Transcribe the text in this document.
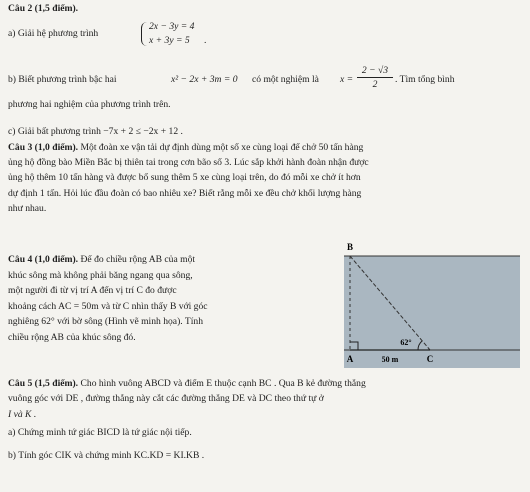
Câu 2 (1,5 điểm).
a) Giải hệ phương trình
2x − 3y = 4
x + 3y = 5 .
b) Biết phương trình bậc hai	x² − 2x + 3m = 0 có một nghiệm là x =
2 − √3
2	. Tìm tổng bình
phương hai nghiệm của phương trình trên.
c) Giải bất phương trình −7x + 2 ≤ −2x + 12 .
Câu 3 (1,0 điểm). Một đoàn xe vận tải dự định dùng một số xe cùng loại để chở 50 tấn hàng
ủng hộ đồng bào Miền Bắc bị thiên tai trong cơn bão số 3. Lúc sắp khởi hành đoàn nhận được
ủng hộ thêm 10 tấn hàng và được bổ sung thêm 5 xe cùng loại trên, do đó mỗi xe chở ít hơn
dự định 1 tấn. Hỏi lúc đầu đoàn có bao nhiêu xe? Biết rằng mỗi xe đều chở khối lượng hàng
như nhau.
Câu 4 (1,0 điểm). Để đo chiều rộng AB của một
khúc sông mà không phải băng ngang qua sông,
một người đi từ vị trí A đến vị trí C đo được
khoảng cách AC = 50m và từ C nhìn thấy B với góc
nghiêng 62° với bờ sông (Hình vẽ minh họa). Tính
chiều rộng AB của khúc sông đó.
B
A	C
50 m
62°
Câu 5 (1,5 điểm). Cho hình vuông ABCD và điểm E thuộc cạnh BC . Qua B kẻ đường thẳng
vuông góc với DE , đường thẳng này cắt các đường thẳng DE và DC theo thứ tự ở
I và K .
a) Chứng minh tứ giác BICD là tứ giác nội tiếp.
b) Tính góc CIK và chứng minh KC.KD = KI.KB .
